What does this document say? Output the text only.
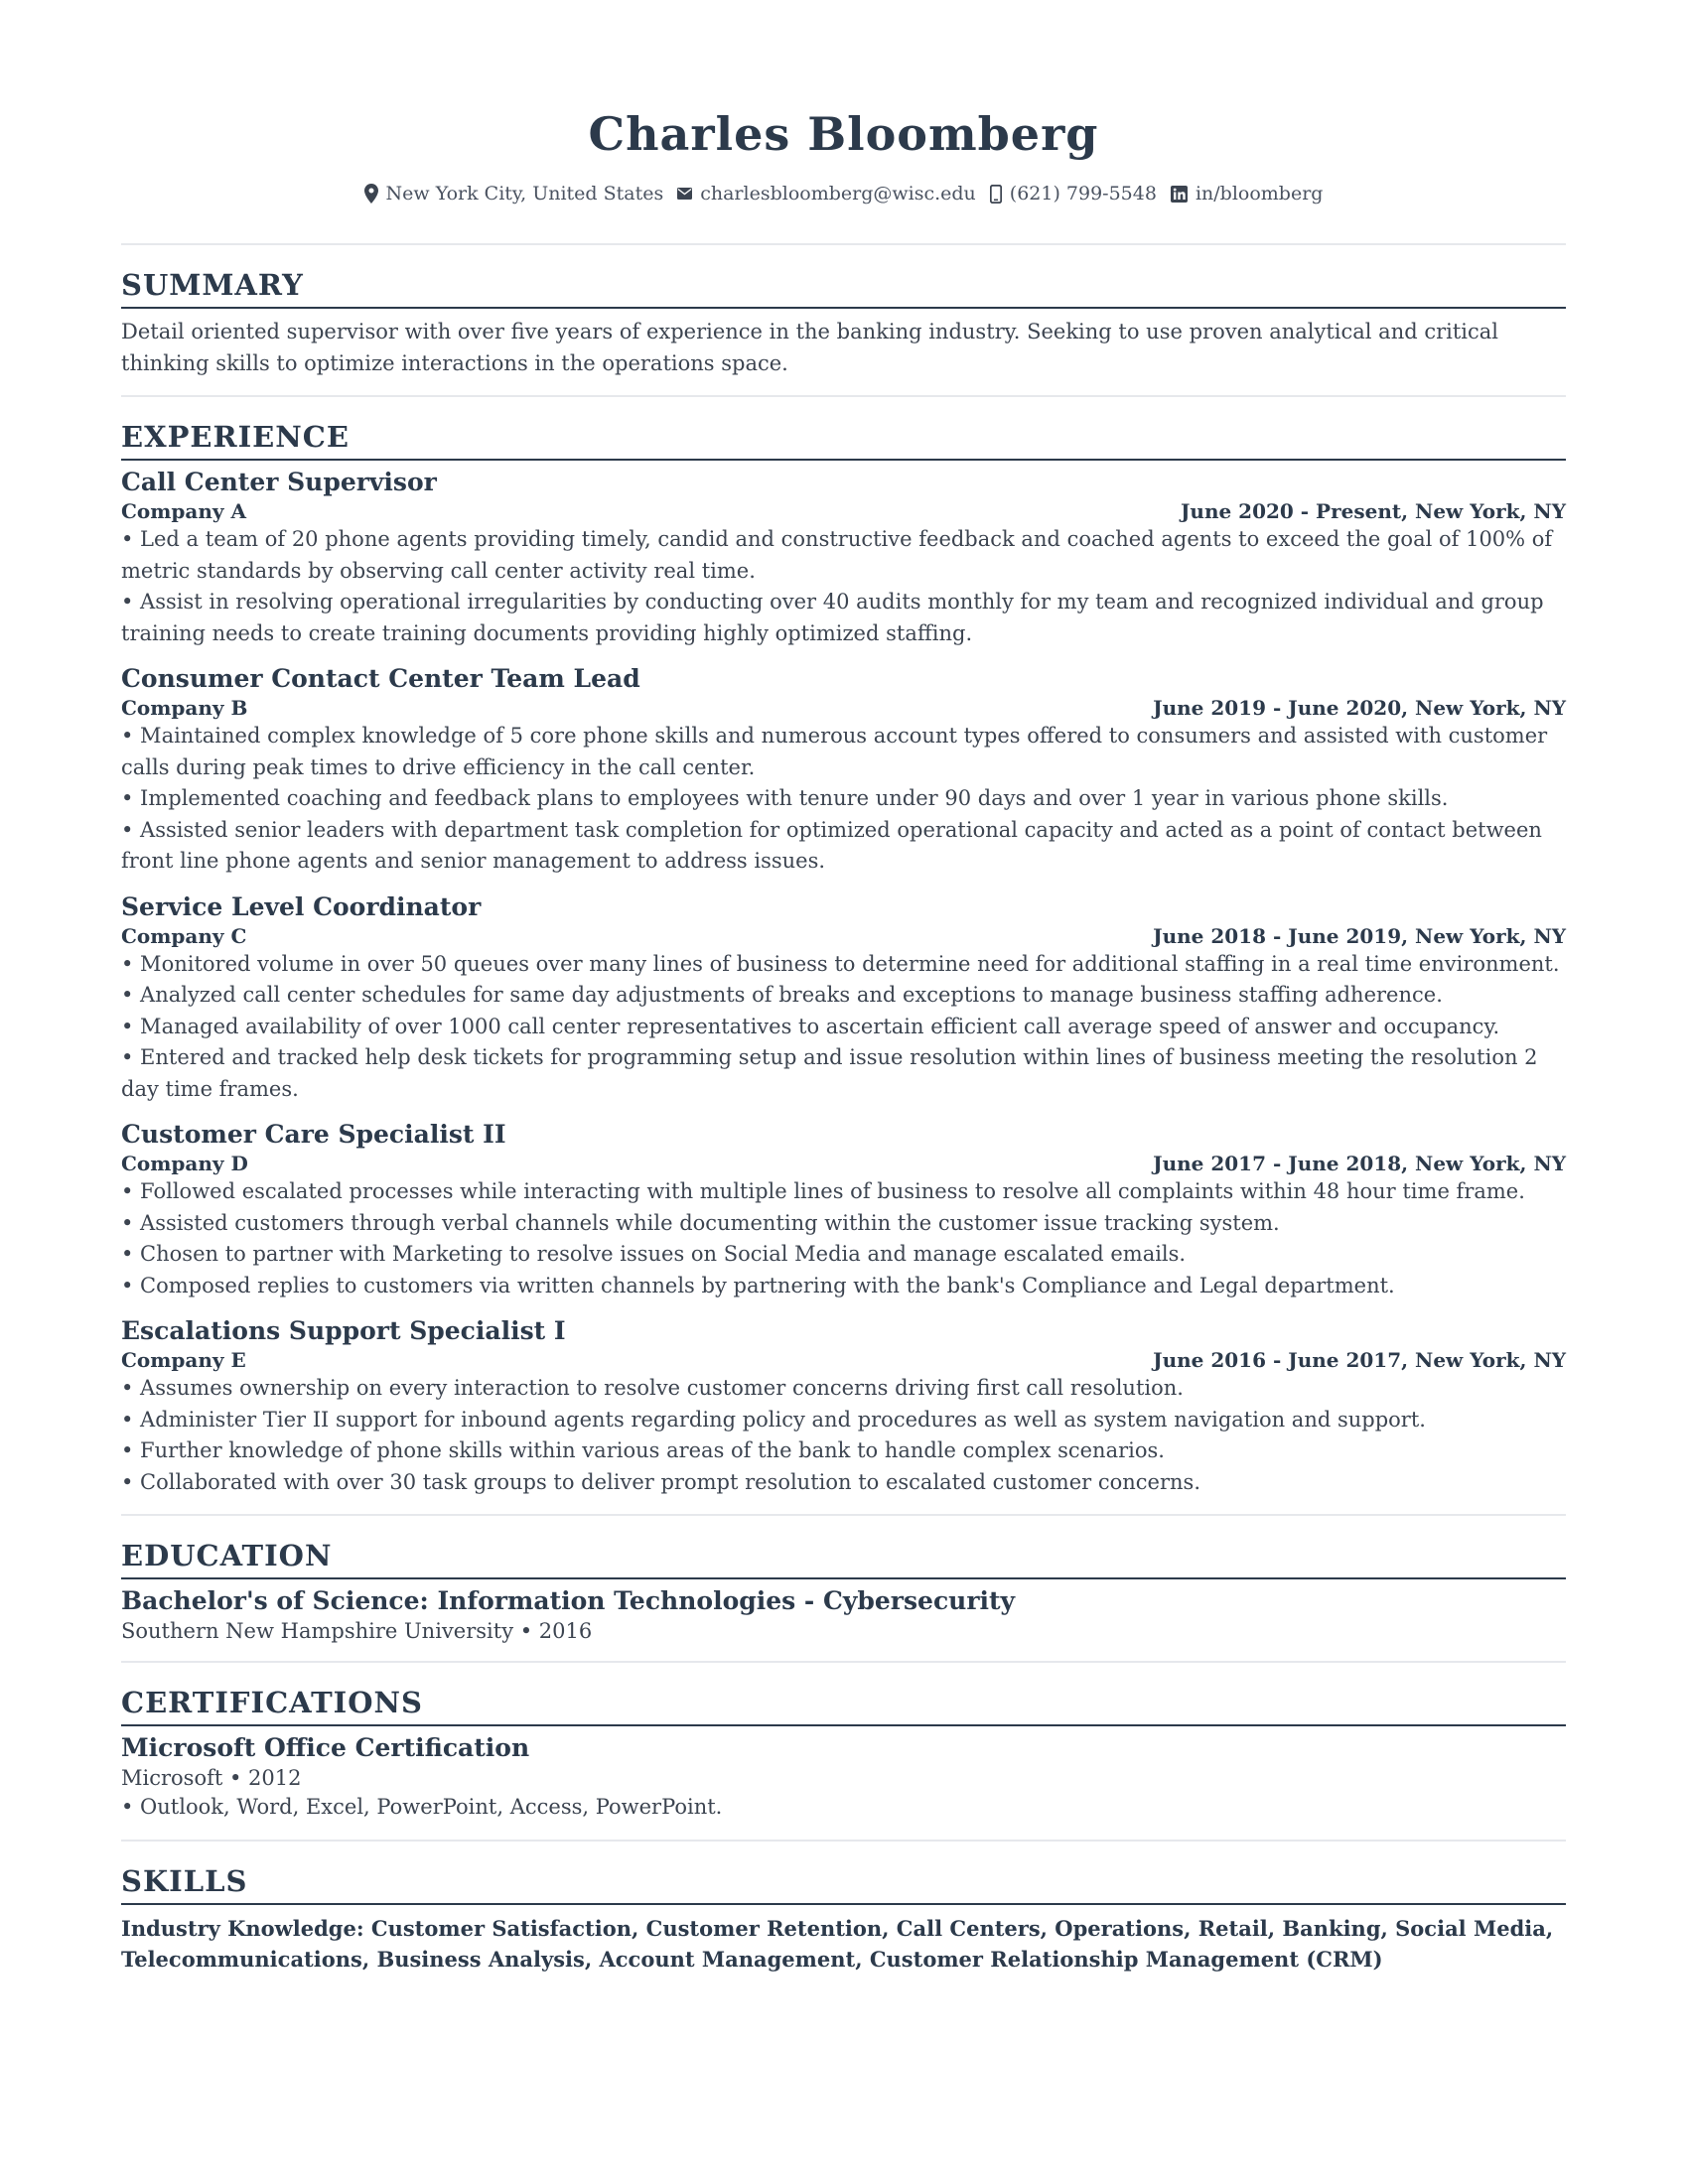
Charles Bloomberg
New York City, United States charlesbloomberg@wisc.edu (621) 799-5548 in/bloomberg
SUMMARY
Detail oriented supervisor with over five years of experience in the banking industry. Seeking to use proven analytical and critical thinking skills to optimize interactions in the operations space.
EXPERIENCE
Call Center Supervisor
Company A	June 2020 - Present, New York, NY
• Led a team of 20 phone agents providing timely, candid and constructive feedback and coached agents to exceed the goal of 100% of metric standards by observing call center activity real time.
• Assist in resolving operational irregularities by conducting over 40 audits monthly for my team and recognized individual and group training needs to create training documents providing highly optimized staffing.
Consumer Contact Center Team Lead
Company B	June 2019 - June 2020, New York, NY
• Maintained complex knowledge of 5 core phone skills and numerous account types offered to consumers and assisted with customer calls during peak times to drive efficiency in the call center.
• Implemented coaching and feedback plans to employees with tenure under 90 days and over 1 year in various phone skills.
• Assisted senior leaders with department task completion for optimized operational capacity and acted as a point of contact between front line phone agents and senior management to address issues.
Service Level Coordinator
Company C	June 2018 - June 2019, New York, NY
• Monitored volume in over 50 queues over many lines of business to determine need for additional staffing in a real time environment.
• Analyzed call center schedules for same day adjustments of breaks and exceptions to manage business staffing adherence.
• Managed availability of over 1000 call center representatives to ascertain efficient call average speed of answer and occupancy.
• Entered and tracked help desk tickets for programming setup and issue resolution within lines of business meeting the resolution 2 day time frames.
Customer Care Specialist II
Company D	June 2017 - June 2018, New York, NY
• Followed escalated processes while interacting with multiple lines of business to resolve all complaints within 48 hour time frame.
• Assisted customers through verbal channels while documenting within the customer issue tracking system.
• Chosen to partner with Marketing to resolve issues on Social Media and manage escalated emails.
• Composed replies to customers via written channels by partnering with the bank's Compliance and Legal department.
Escalations Support Specialist I
Company E	June 2016 - June 2017, New York, NY
• Assumes ownership on every interaction to resolve customer concerns driving first call resolution.
• Administer Tier II support for inbound agents regarding policy and procedures as well as system navigation and support.
• Further knowledge of phone skills within various areas of the bank to handle complex scenarios.
• Collaborated with over 30 task groups to deliver prompt resolution to escalated customer concerns.
EDUCATION
Bachelor's of Science: Information Technologies - Cybersecurity
Southern New Hampshire University • 2016
CERTIFICATIONS
Microsoft Office Certification
Microsoft • 2012
• Outlook, Word, Excel, PowerPoint, Access, PowerPoint.
SKILLS
Industry Knowledge: Customer Satisfaction, Customer Retention, Call Centers, Operations, Retail, Banking, Social Media, Telecommunications, Business Analysis, Account Management, Customer Relationship Management (CRM)
